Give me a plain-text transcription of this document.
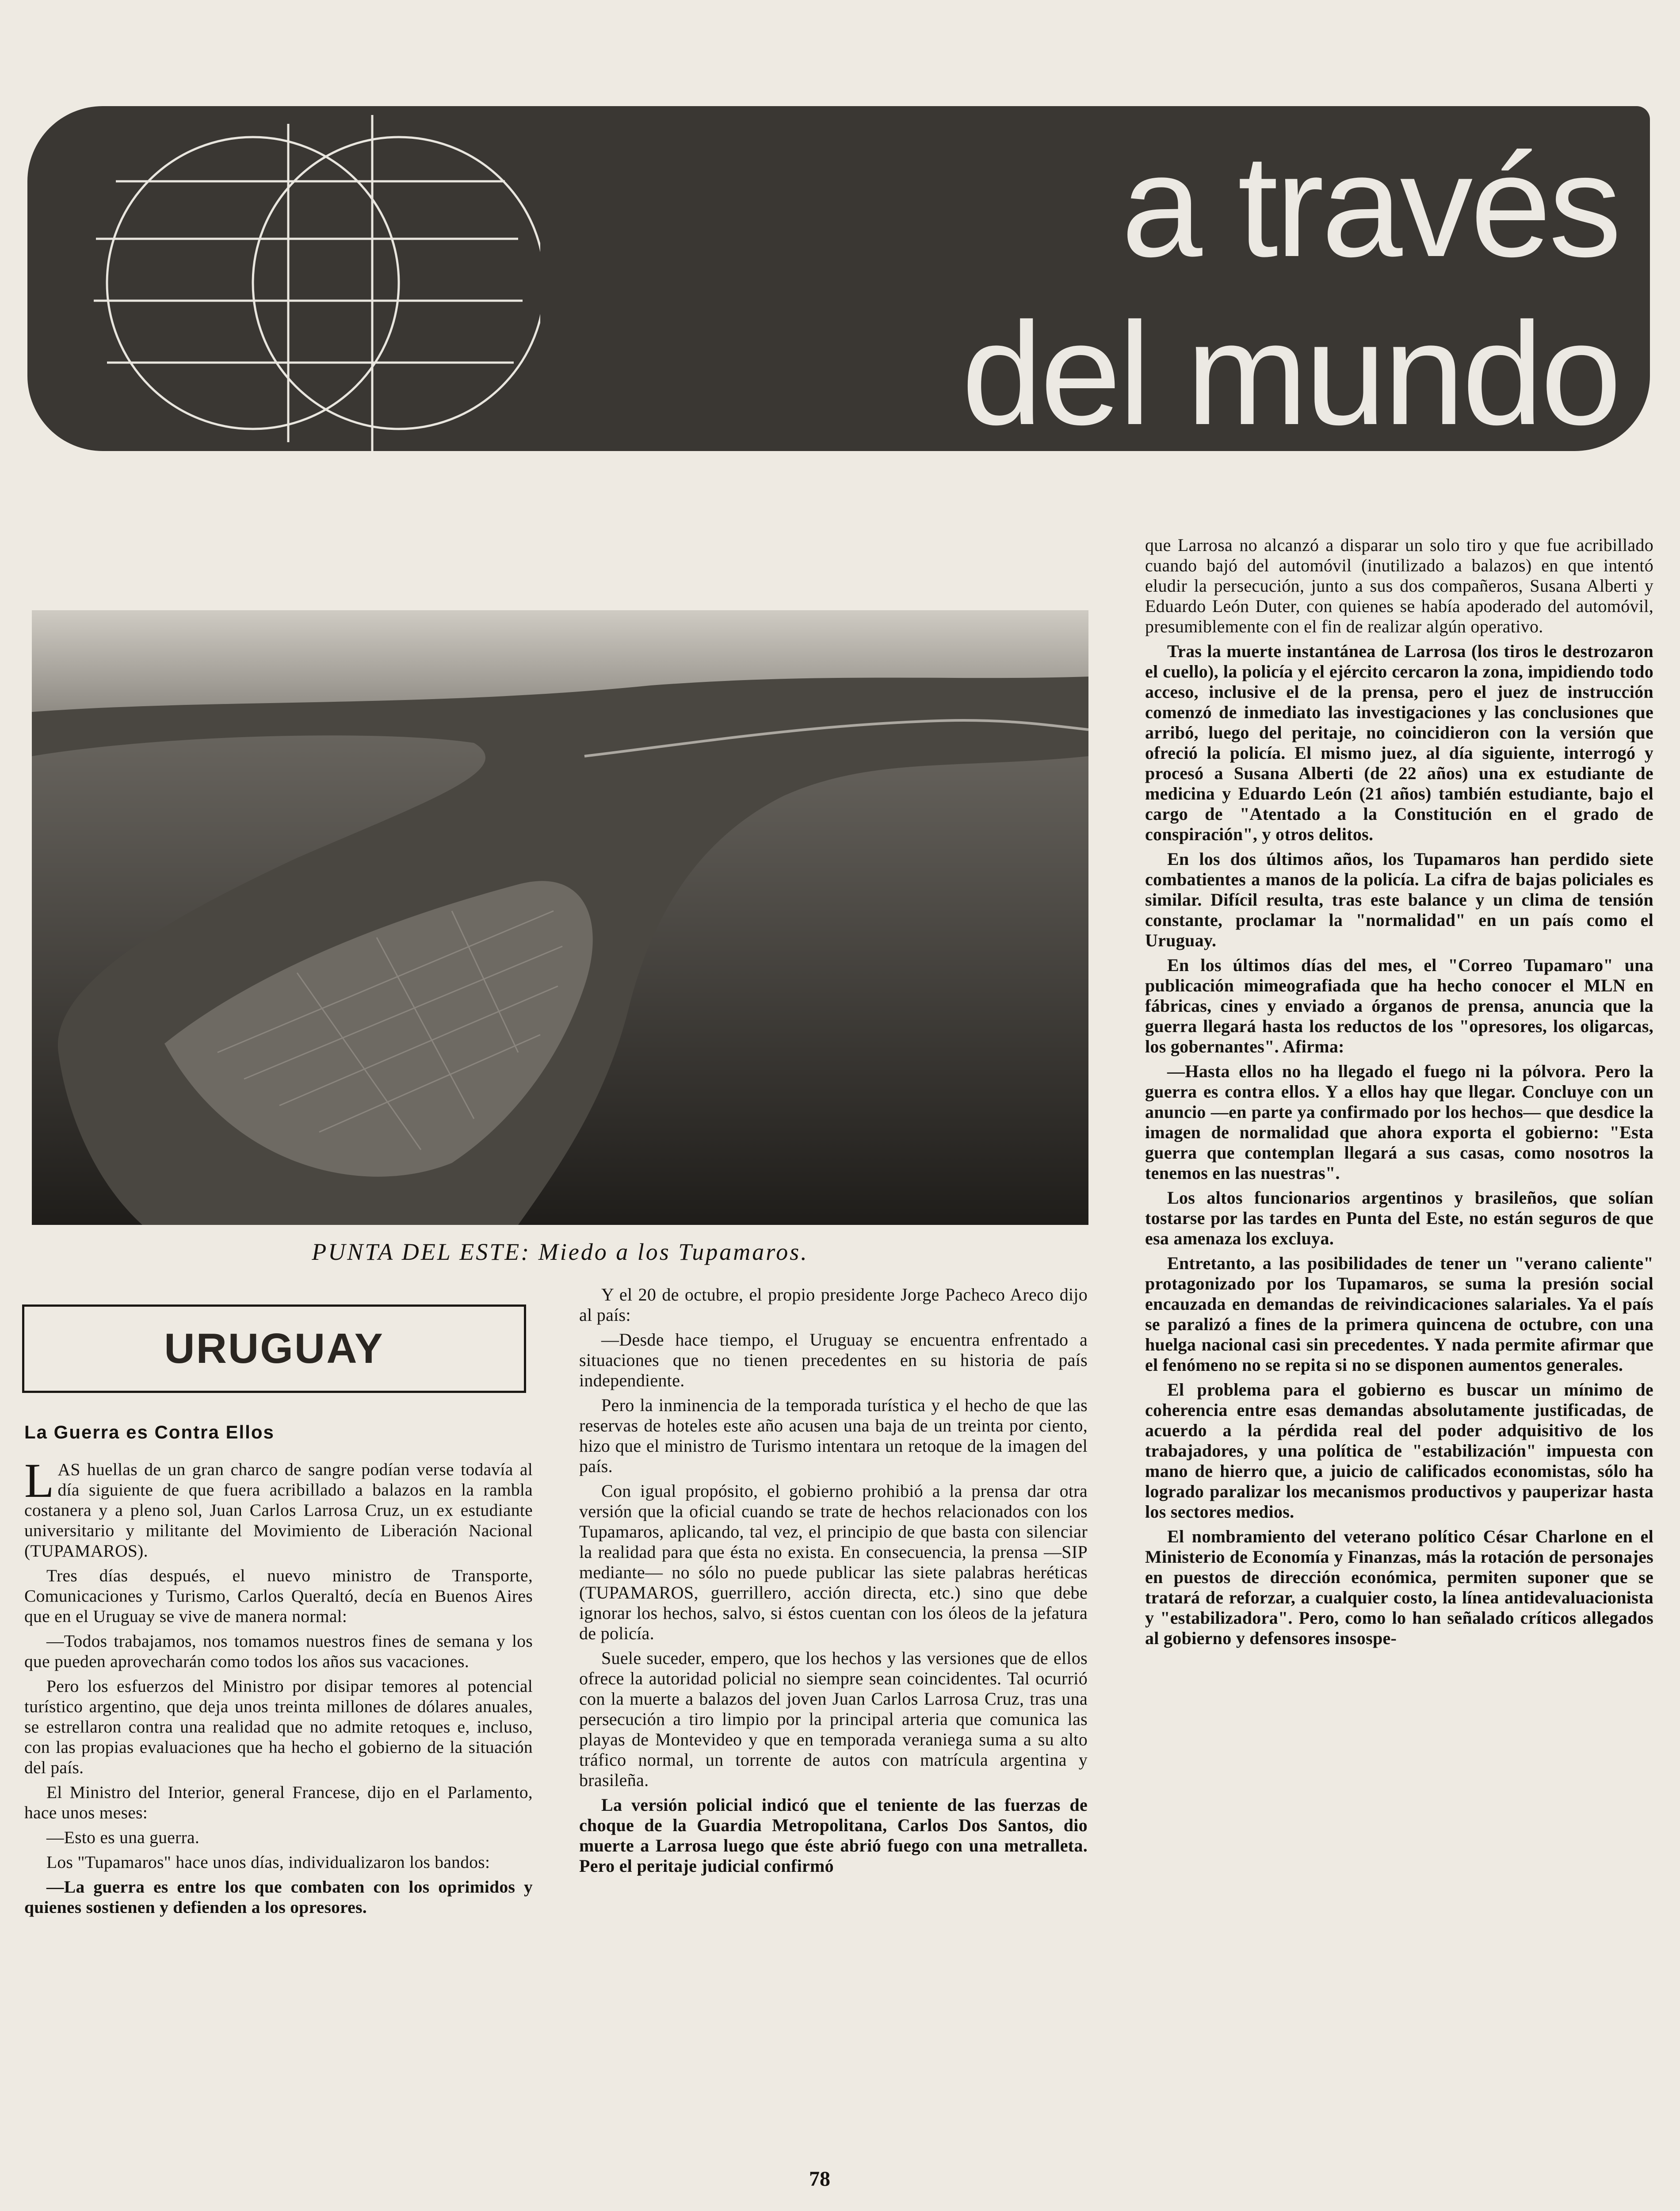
a través
del mundo
PUNTA DEL ESTE: Miedo a los Tupamaros.
URUGUAY
La Guerra es Contra Ellos

LAS huellas de un gran charco de sangre podían verse todavía al día siguiente de que fuera acribillado a balazos en la rambla costanera y a pleno sol, Juan Carlos Larrosa Cruz, un ex estudiante universitario y militante del Movimiento de Liberación Nacional (TUPAMAROS).

Tres días después, el nuevo ministro de Transporte, Comunicaciones y Turismo, Carlos Queraltó, decía en Buenos Aires que en el Uruguay se vive de manera normal:

—Todos trabajamos, nos tomamos nuestros fines de semana y los que pueden aprovecharán como todos los años sus vacaciones.

Pero los esfuerzos del Ministro por disipar temores al potencial turístico argentino, que deja unos treinta millones de dólares anuales, se estrellaron contra una realidad que no admite retoques e, incluso, con las propias evaluaciones que ha hecho el gobierno de la situación del país.

El Ministro del Interior, general Francese, dijo en el Parlamento, hace unos meses:

—Esto es una guerra.

Los "Tupamaros" hace unos días, individualizaron los bandos:

—La guerra es entre los que combaten con los oprimidos y quienes sostienen y defienden a los opresores.

Y el 20 de octubre, el propio presidente Jorge Pacheco Areco dijo al país:

—Desde hace tiempo, el Uruguay se encuentra enfrentado a situaciones que no tienen precedentes en su historia de país independiente.

Pero la inminencia de la temporada turística y el hecho de que las reservas de hoteles este año acusen una baja de un treinta por ciento, hizo que el ministro de Turismo intentara un retoque de la imagen del país.

Con igual propósito, el gobierno prohibió a la prensa dar otra versión que la oficial cuando se trate de hechos relacionados con los Tupamaros, aplicando, tal vez, el principio de que basta con silenciar la realidad para que ésta no exista. En consecuencia, la prensa —SIP mediante— no sólo no puede publicar las siete palabras heréticas (TUPAMAROS, guerrillero, acción directa, etc.) sino que debe ignorar los hechos, salvo, si éstos cuentan con los óleos de la jefatura de policía.

Suele suceder, empero, que los hechos y las versiones que de ellos ofrece la autoridad policial no siempre sean coincidentes. Tal ocurrió con la muerte a balazos del joven Juan Carlos Larrosa Cruz, tras una persecución a tiro limpio por la principal arteria que comunica las playas de Montevideo y que en temporada veraniega suma a su alto tráfico normal, un torrente de autos con matrícula argentina y brasileña.

La versión policial indicó que el teniente de las fuerzas de choque de la Guardia Metropolitana, Carlos Dos Santos, dio muerte a Larrosa luego que éste abrió fuego con una metralleta. Pero el peritaje judicial confirmó

que Larrosa no alcanzó a disparar un solo tiro y que fue acribillado cuando bajó del automóvil (inutilizado a balazos) en que intentó eludir la persecución, junto a sus dos compañeros, Susana Alberti y Eduardo León Duter, con quienes se había apoderado del automóvil, presumiblemente con el fin de realizar algún operativo.

Tras la muerte instantánea de Larrosa (los tiros le destrozaron el cuello), la policía y el ejército cercaron la zona, impidiendo todo acceso, inclusive el de la prensa, pero el juez de instrucción comenzó de inmediato las investigaciones y las conclusiones que arribó, luego del peritaje, no coincidieron con la versión que ofreció la policía. El mismo juez, al día siguiente, interrogó y procesó a Susana Alberti (de 22 años) una ex estudiante de medicina y Eduardo León (21 años) también estudiante, bajo el cargo de "Atentado a la Constitución en el grado de conspiración", y otros delitos.

En los dos últimos años, los Tupamaros han perdido siete combatientes a manos de la policía. La cifra de bajas policiales es similar. Difícil resulta, tras este balance y un clima de tensión constante, proclamar la "normalidad" en un país como el Uruguay.

En los últimos días del mes, el "Correo Tupamaro" una publicación mimeografiada que ha hecho conocer el MLN en fábricas, cines y enviado a órganos de prensa, anuncia que la guerra llegará hasta los reductos de los "opresores, los oligarcas, los gobernantes". Afirma:

—Hasta ellos no ha llegado el fuego ni la pólvora. Pero la guerra es contra ellos. Y a ellos hay que llegar. Concluye con un anuncio —en parte ya confirmado por los hechos— que desdice la imagen de normalidad que ahora exporta el gobierno: "Esta guerra que contemplan llegará a sus casas, como nosotros la tenemos en las nuestras".

Los altos funcionarios argentinos y brasileños, que solían tostarse por las tardes en Punta del Este, no están seguros de que esa amenaza los excluya.

Entretanto, a las posibilidades de tener un "verano caliente" protagonizado por los Tupamaros, se suma la presión social encauzada en demandas de reivindicaciones salariales. Ya el país se paralizó a fines de la primera quincena de octubre, con una huelga nacional casi sin precedentes. Y nada permite afirmar que el fenómeno no se repita si no se disponen aumentos generales.

El problema para el gobierno es buscar un mínimo de coherencia entre esas demandas absolutamente justificadas, de acuerdo a la pérdida real del poder adquisitivo de los trabajadores, y una política de "estabilización" impuesta con mano de hierro que, a juicio de calificados economistas, sólo ha logrado paralizar los mecanismos productivos y pauperizar hasta los sectores medios.

El nombramiento del veterano político César Charlone en el Ministerio de Economía y Finanzas, más la rotación de personajes en puestos de dirección económica, permiten suponer que se tratará de reforzar, a cualquier costo, la línea antidevaluacionista y "estabilizadora". Pero, como lo han señalado críticos allegados al gobierno y defensores insospe-

78
